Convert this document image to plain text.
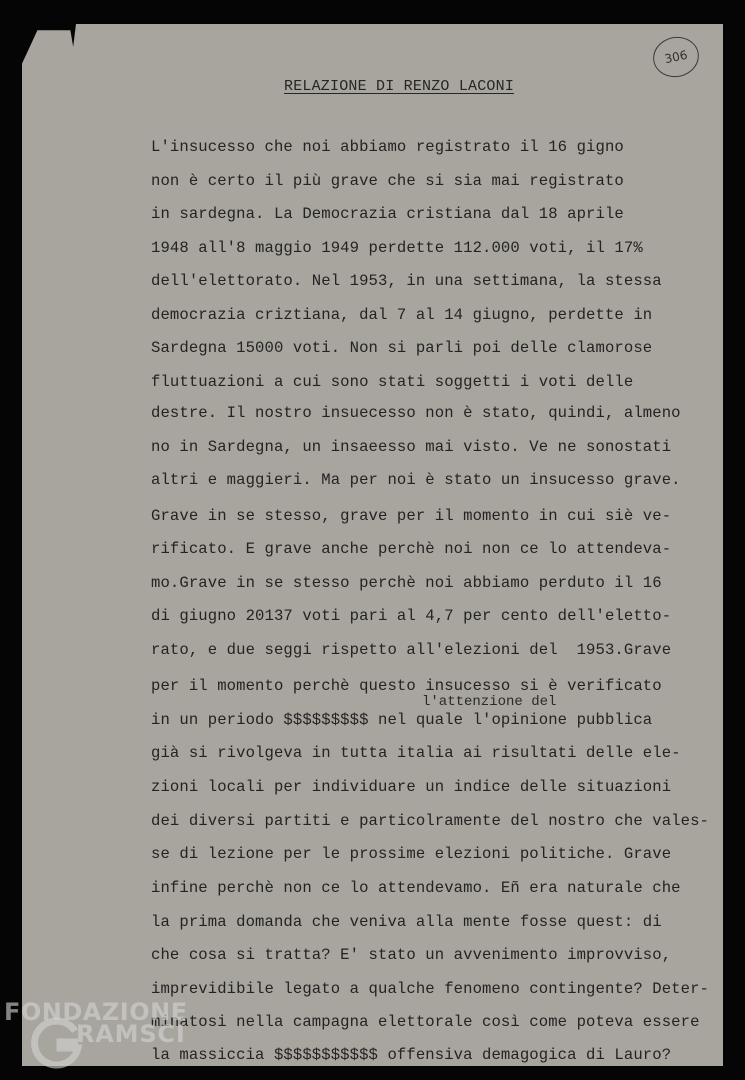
306
RELAZIONE DI RENZO LACONI
L'insucesso che noi abbiamo registrato il 16 gigno
non è certo il più grave che si sia mai registrato
in sardegna. La Democrazia cristiana dal 18 aprile
1948 all'8 maggio 1949 perdette 112.000 voti, il 17%
dell'elettorato. Nel 1953, in una settimana, la stessa
democrazia criztiana, dal 7 al 14 giugno, perdette in
Sardegna 15000 voti. Non si parli poi delle clamorose
fluttuazioni a cui sono stati soggetti i voti delle
destre. Il nostro insuecesso non è stato, quindi, almeno
no in Sardegna, un insaeesso mai visto. Ve ne sonostati
altri e maggieri. Ma per noi è stato un insucesso grave.
Grave in se stesso, grave per il momento in cui siè ve-
rificato. E grave anche perchè noi non ce lo attendeva-
mo.Grave in se stesso perchè noi abbiamo perduto il 16
di giugno 20137 voti pari al 4,7 per cento dell'eletto-
rato, e due seggi rispetto all'elezioni del  1953.Grave
per il momento perchè questo insucesso si è verificato
in un periodo $$$$$$$$$ nel quale l'opinione pubblica
già si rivolgeva in tutta italia ai risultati delle ele-
zioni locali per individuare un indice delle situazioni
dei diversi partiti e particolramente del nostro che vales-
se di lezione per le prossime elezioni politiche. Grave
infine perchè non ce lo attendevamo. Eñ era naturale che
la prima domanda che veniva alla mente fosse quest: di
che cosa si tratta? E' stato un avvenimento improvviso,
imprevidibile legato a qualche fenomeno contingente? Deter-
minatosi nella campagna elettorale così come poteva essere
la massiccia $$$$$$$$$$$ offensiva demagogica di Lauro?
l'attenzione del
FONDAZIONE
RAMSCI
